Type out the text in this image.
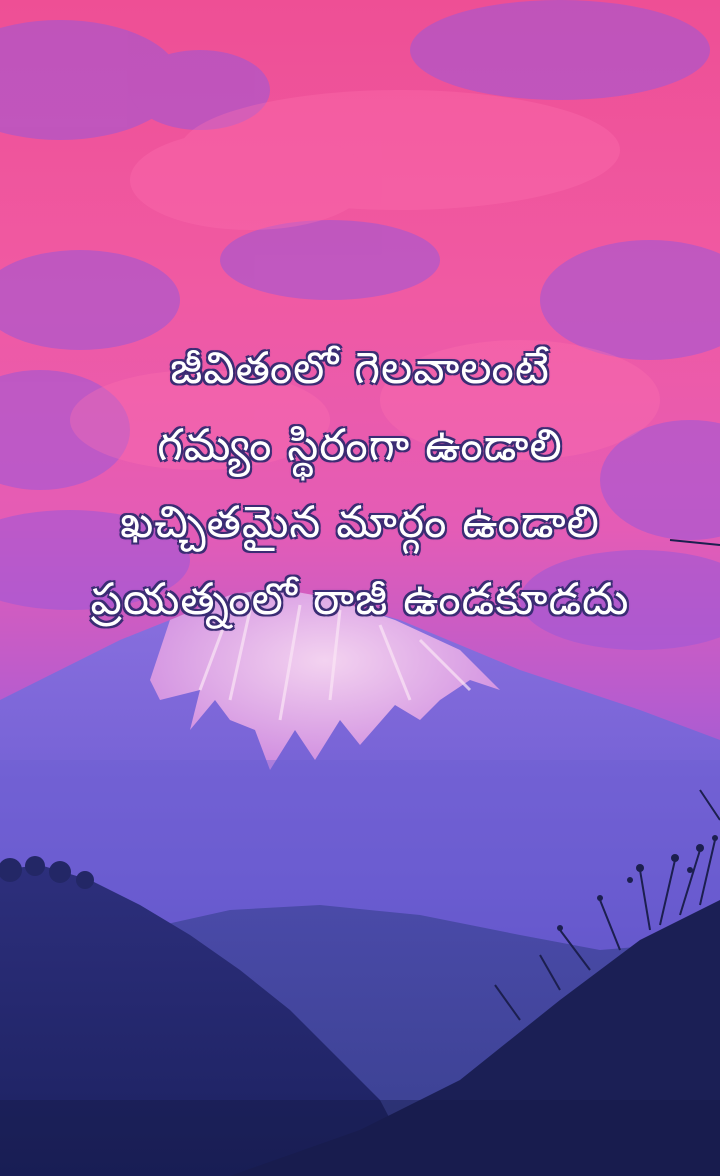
జీవితంలో గెలవాలంటే
గమ్యం స్థిరంగా ఉండాలి
ఖచ్చితమైన మార్గం ఉండాలి
ప్రయత్నంలో రాజీ ఉండకూడదు
